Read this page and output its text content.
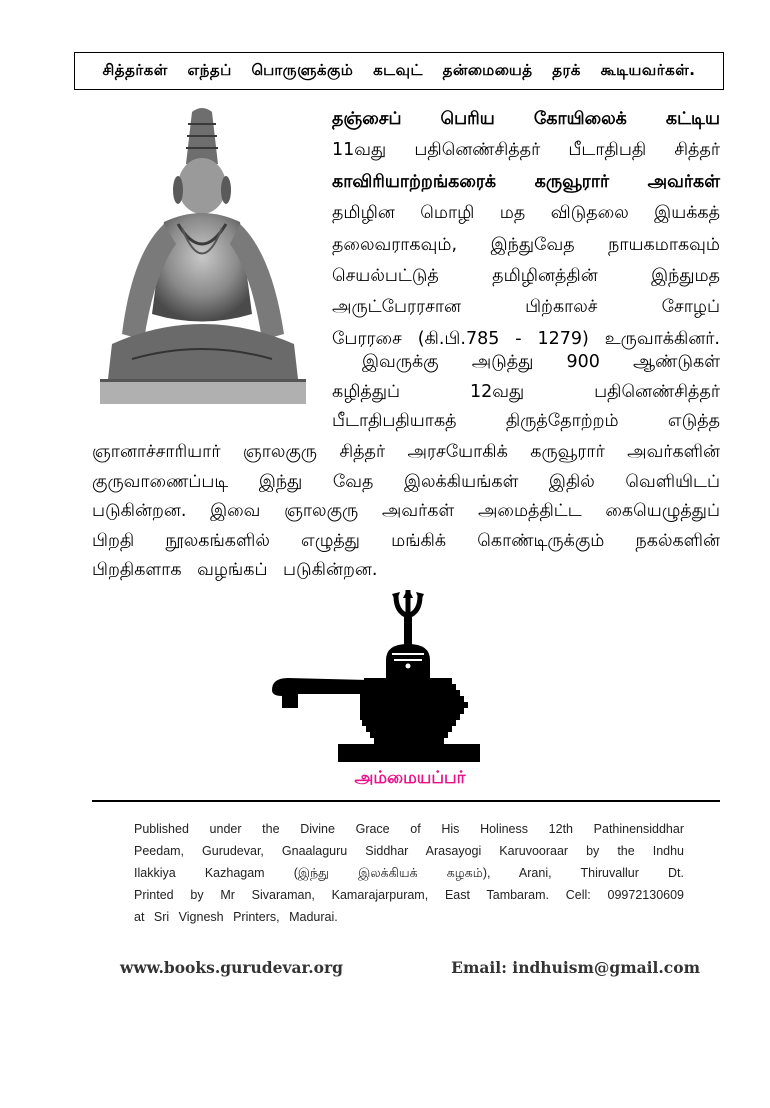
சித்தர்கள் எந்தப் பொருளுக்கும் கடவுட் தன்மையைத் தரக் கூடியவர்கள்.
தஞ்சைப் பெரிய கோயிலைக் கட்டிய
11வது பதினெண்சித்தர் பீடாதிபதி சித்தர்
காவிரியாற்றங்கரைக் கருவூரார் அவர்கள்
தமிழின மொழி மத விடுதலை இயக்கத்
தலைவராகவும், இந்துவேத நாயகமாகவும்
செயல்பட்டுத் தமிழினத்தின் இந்துமத
அருட்பேரரசான பிற்காலச் சோழப்
பேரரசை (கி.பி.785 - 1279) உருவாக்கினர்.
இவருக்கு அடுத்து 900 ஆண்டுகள்
கழித்துப் 12வது பதினெண்சித்தர்
பீடாதிபதியாகத் திருத்தோற்றம் எடுத்த
ஞானாச்சாரியார் ஞாலகுரு சித்தர் அரசயோகிக் கருவூரார் அவர்களின்
குருவாணைப்படி இந்து வேத இலக்கியங்கள் இதில் வெளியிடப்
படுகின்றன. இவை ஞாலகுரு அவர்கள் அமைத்திட்ட கையெழுத்துப்
பிறதி நூலகங்களில் எழுத்து மங்கிக் கொண்டிருக்கும் நகல்களின்
பிறதிகளாக வழங்கப் படுகின்றன.
அம்மையப்பர்
Published under the Divine Grace of His Holiness 12th Pathinensiddhar
Peedam, Gurudevar, Gnaalaguru Siddhar Arasayogi Karuvooraar by the Indhu
Ilakkiya Kazhagam (இந்து இலக்கியக் கழகம்), Arani, Thiruvallur Dt.
Printed by Mr Sivaraman, Kamarajarpuram, East Tambaram. Cell: 09972130609
at Sri Vignesh Printers, Madurai.
www.books.gurudevar.org	Email: indhuism@gmail.com
